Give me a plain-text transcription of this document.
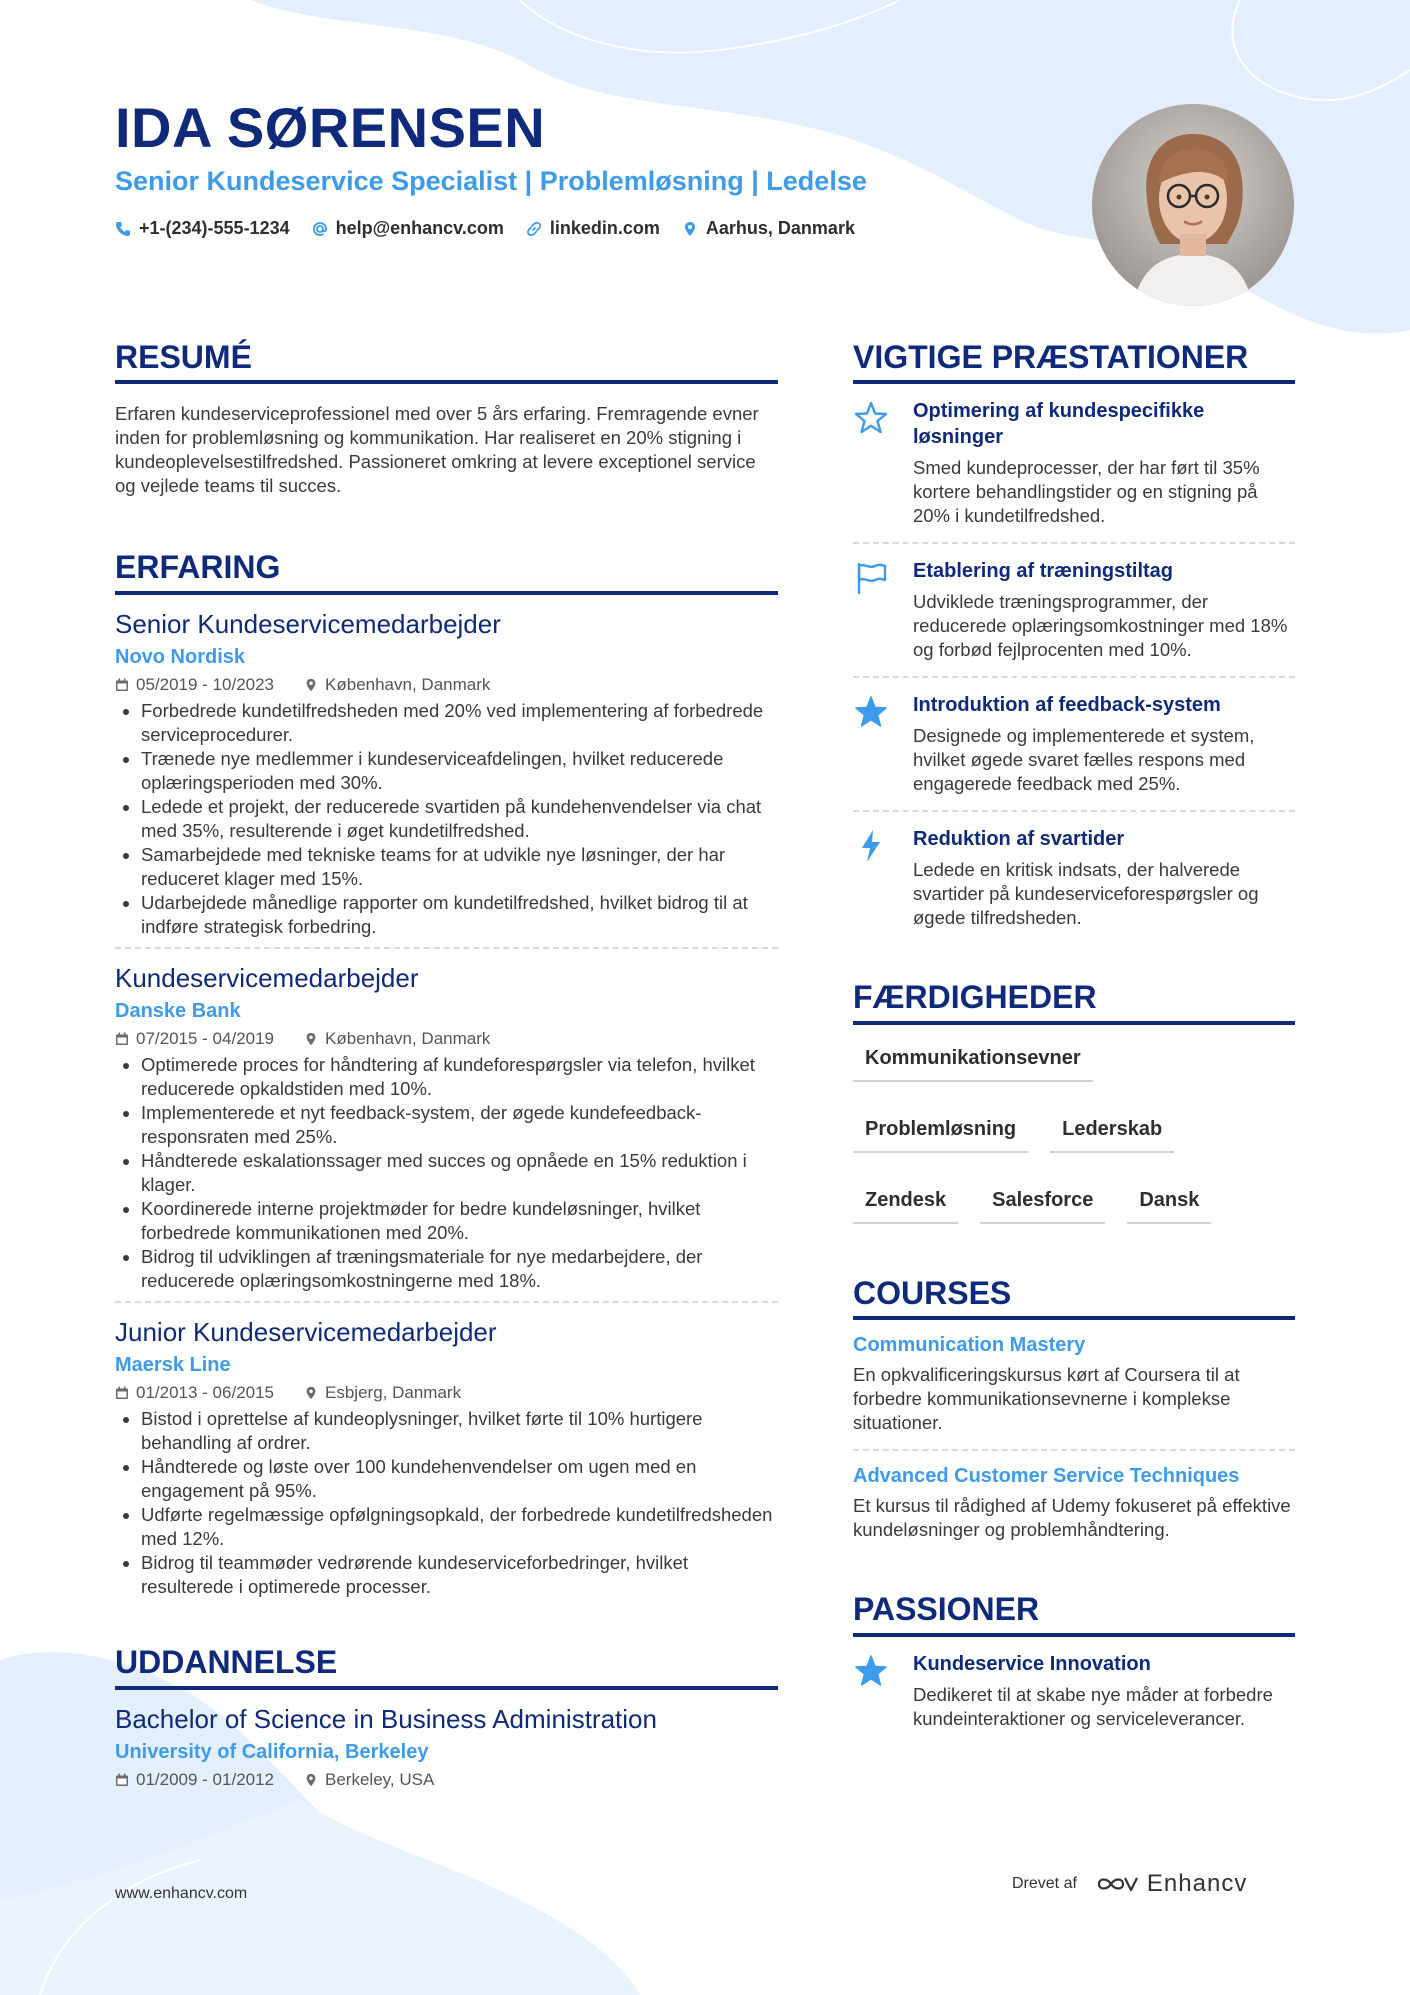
IDA SØRENSEN
Senior Kundeservice Specialist | Problemløsning | Ledelse
+1-(234)-555-1234	help@enhancv.com	linkedin.com	Aarhus, Danmark
RESUMÉ

Erfaren kundeserviceprofessionel med over 5 års erfaring. Fremragende evner inden for problemløsning og kommunikation. Har realiseret en 20% stigning i kundeoplevelsestilfredshed. Passioneret omkring at levere exceptionel service og vejlede teams til succes.

ERFARING
Senior Kundeservicemedarbejder
Novo Nordisk
05/2019 - 10/2023	København, Danmark
• Forbedrede kundetilfredsheden med 20% ved implementering af forbedrede serviceprocedurer.
• Trænede nye medlemmer i kundeserviceafdelingen, hvilket reducerede oplæringsperioden med 30%.
• Ledede et projekt, der reducerede svartiden på kundehenvendelser via chat med 35%, resulterende i øget kundetilfredshed.
• Samarbejdede med tekniske teams for at udvikle nye løsninger, der har reduceret klager med 15%.
• Udarbejdede månedlige rapporter om kundetilfredshed, hvilket bidrog til at indføre strategisk forbedring.
Kundeservicemedarbejder
Danske Bank
07/2015 - 04/2019	København, Danmark
• Optimerede proces for håndtering af kundeforespørgsler via telefon, hvilket reducerede opkaldstiden med 10%.
• Implementerede et nyt feedback-system, der øgede kundefeedback-responsraten med 25%.
• Håndterede eskalationssager med succes og opnåede en 15% reduktion i klager.
• Koordinerede interne projektmøder for bedre kundeløsninger, hvilket forbedrede kommunikationen med 20%.
• Bidrog til udviklingen af træningsmateriale for nye medarbejdere, der reducerede oplæringsomkostningerne med 18%.
Junior Kundeservicemedarbejder
Maersk Line
01/2013 - 06/2015	Esbjerg, Danmark
• Bistod i oprettelse af kundeoplysninger, hvilket førte til 10% hurtigere behandling af ordrer.
• Håndterede og løste over 100 kundehenvendelser om ugen med en engagement på 95%.
• Udførte regelmæssige opfølgningsopkald, der forbedrede kundetilfredsheden med 12%.
• Bidrog til teammøder vedrørende kundeserviceforbedringer, hvilket resulterede i optimerede processer.
UDDANNELSE
Bachelor of Science in Business Administration
University of California, Berkeley
01/2009 - 01/2012	Berkeley, USA
VIGTIGE PRÆSTATIONER
Optimering af kundespecifikke løsninger
Smed kundeprocesser, der har ført til 35% kortere behandlingstider og en stigning på 20% i kundetilfredshed.
Etablering af træningstiltag
Udviklede træningsprogrammer, der reducerede oplæringsomkostninger med 18% og forbød fejlprocenten med 10%.
Introduktion af feedback-system
Designede og implementerede et system, hvilket øgede svaret fælles respons med engagerede feedback med 25%.
Reduktion af svartider
Ledede en kritisk indsats, der halverede svartider på kundeserviceforespørgsler og øgede tilfredsheden.
FÆRDIGHEDER
Kommunikationsevner
Problemløsning	Lederskab
Zendesk	Salesforce	Dansk
COURSES
Communication Mastery
En opkvalificeringskursus kørt af Coursera til at forbedre kommunikationsevnerne i komplekse situationer.
Advanced Customer Service Techniques
Et kursus til rådighed af Udemy fokuseret på effektive kundeløsninger og problemhåndtering.
PASSIONER
Kundeservice Innovation
Dedikeret til at skabe nye måder at forbedre kundeinteraktioner og serviceleverancer.
www.enhancv.com
Drevet af	Enhancv
